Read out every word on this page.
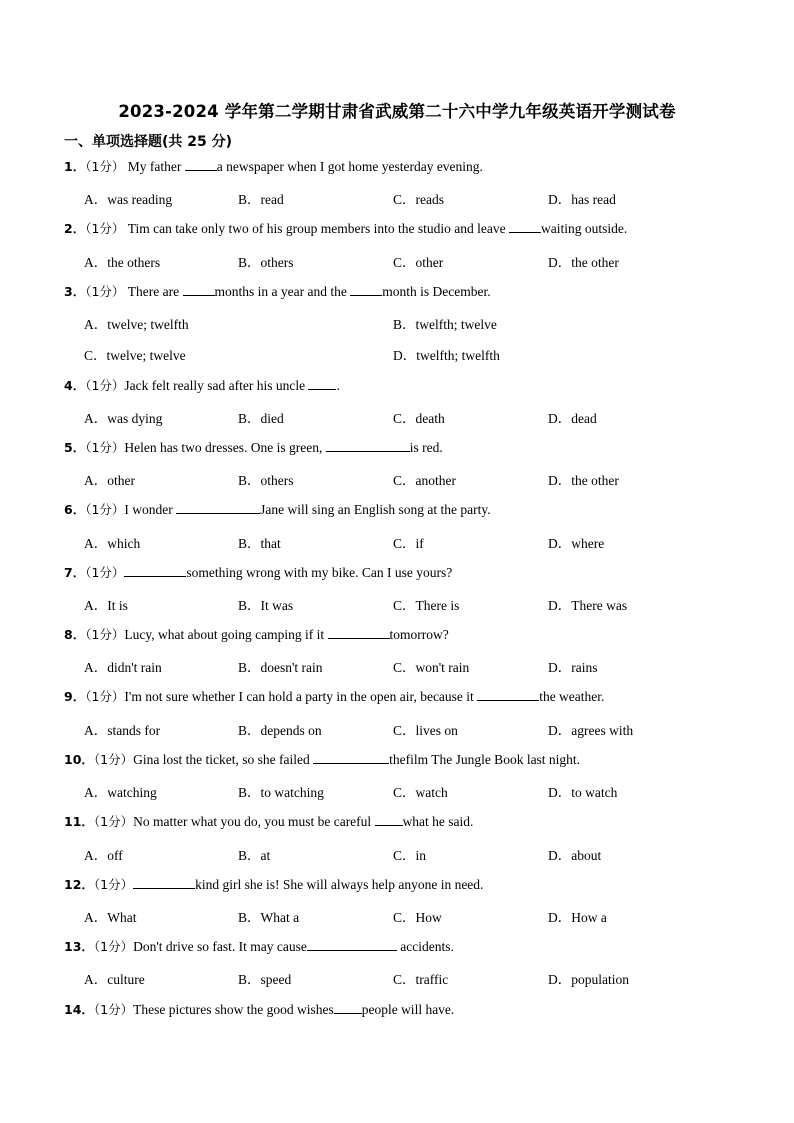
2023-2024 学年第二学期甘肃省武威第二十六中学九年级英语开学测试卷
一、单项选择题(共 25 分)
1．（1分） My father a newspaper when I got home yesterday evening.
A．was reading	B．read	C．reads	D．has read
2．（1分） Tim can take only two of his group members into the studio and leave waiting outside.
A．the others	B．others	C．other	D．the other
3．（1分） There are months in a year and the month is December.
A．twelve; twelfth	B．twelfth; twelve
C．twelve; twelve	D．twelfth; twelfth
4．（1分）Jack felt really sad after his uncle .
A．was dying	B．died	C．death	D．dead
5．（1分）Helen has two dresses. One is green,	is red.
A．other	B．others	C．another	D．the other
6．（1分）I wonder	Jane will sing an English song at the party.
A．which	B．that	C．if	D．where
7．（1分）	something wrong with my bike. Can I use yours?
A．It is	B．It was	C．There is	D．There was
8．（1分）Lucy, what about going camping if it	tomorrow?
A．didn't rain	B．doesn't rain	C．won't rain	D．rains
9．（1分）I'm not sure whether I can hold a party in the open air, because it	the weather.
A．stands for	B．depends on	C．lives on	D．agrees with
10．（1分）Gina lost the ticket, so she failed	thefilm The Jungle Book last night.
A．watching	B．to watching	C．watch	D．to watch
11．（1分）No matter what you do, you must be careful what he said.
A．off	B．at	C．in	D．about
12．（1分）	kind girl she is! She will always help anyone in need.
A．What	B．What a	C．How	D．How a
13．（1分）Don't drive so fast. It may cause	accidents.
A．culture	B．speed	C．traffic	D．population
14．（1分）These pictures show the good wishes people will have.
